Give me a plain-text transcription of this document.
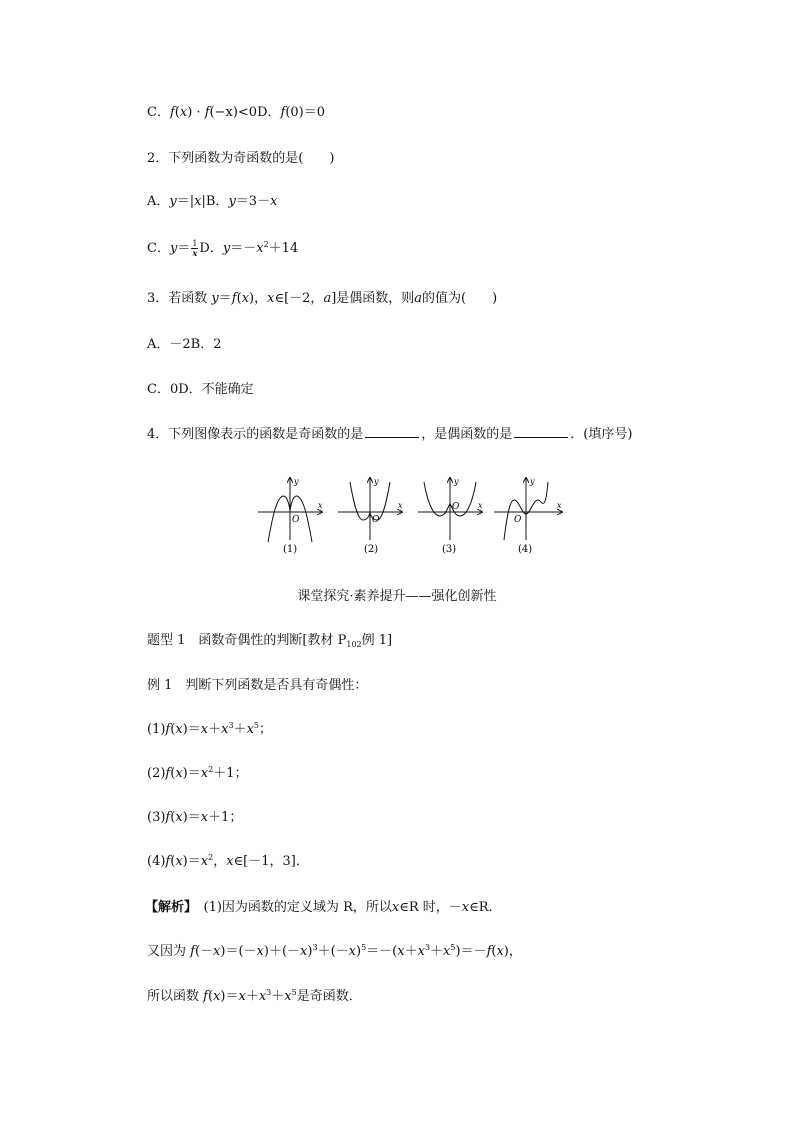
C．f(x) · f(−x)<0D．f(0)＝0
2．下列函数为奇函数的是(　　)
A．y＝|x|B．y＝3－x
C．$y= \frac{1}{x}$ D．$y=-x^2+14$
3．若函数 y＝f(x)，x∈[－2，a]是偶函数，则a的值为(　　)
A．－2B．2
C．0D．不能确定
4．下列图像表示的函数是奇函数的是	，是偶函数的是	．(填序号)
y
x
O
y
x
O
y
x
O
y
x
O
(1)	(2)	(3)	(4)
课堂探究·素养提升——强化创新性
题型 1　函数奇偶性的判断[教材 $P_{102}$例 1]
例 1　判断下列函数是否具有奇偶性：
$(1)f(x)=x+x^3+x^5$；
$(2)f(x)=x^2+1$；
(3)f(x)＝x＋1；
$(4)f(x)=x^2$，x∈[－1，3]．
【解析】　(1)因为函数的定义域为 R，所以x∈R 时，－x∈R.
又因为 $f(-x)=(-x)+(-x)^3+(-x)^5=-(x+x^3+x^5)=-f(x)$，
所以函数 $f(x)=x+x^3+x^5$是奇函数．
